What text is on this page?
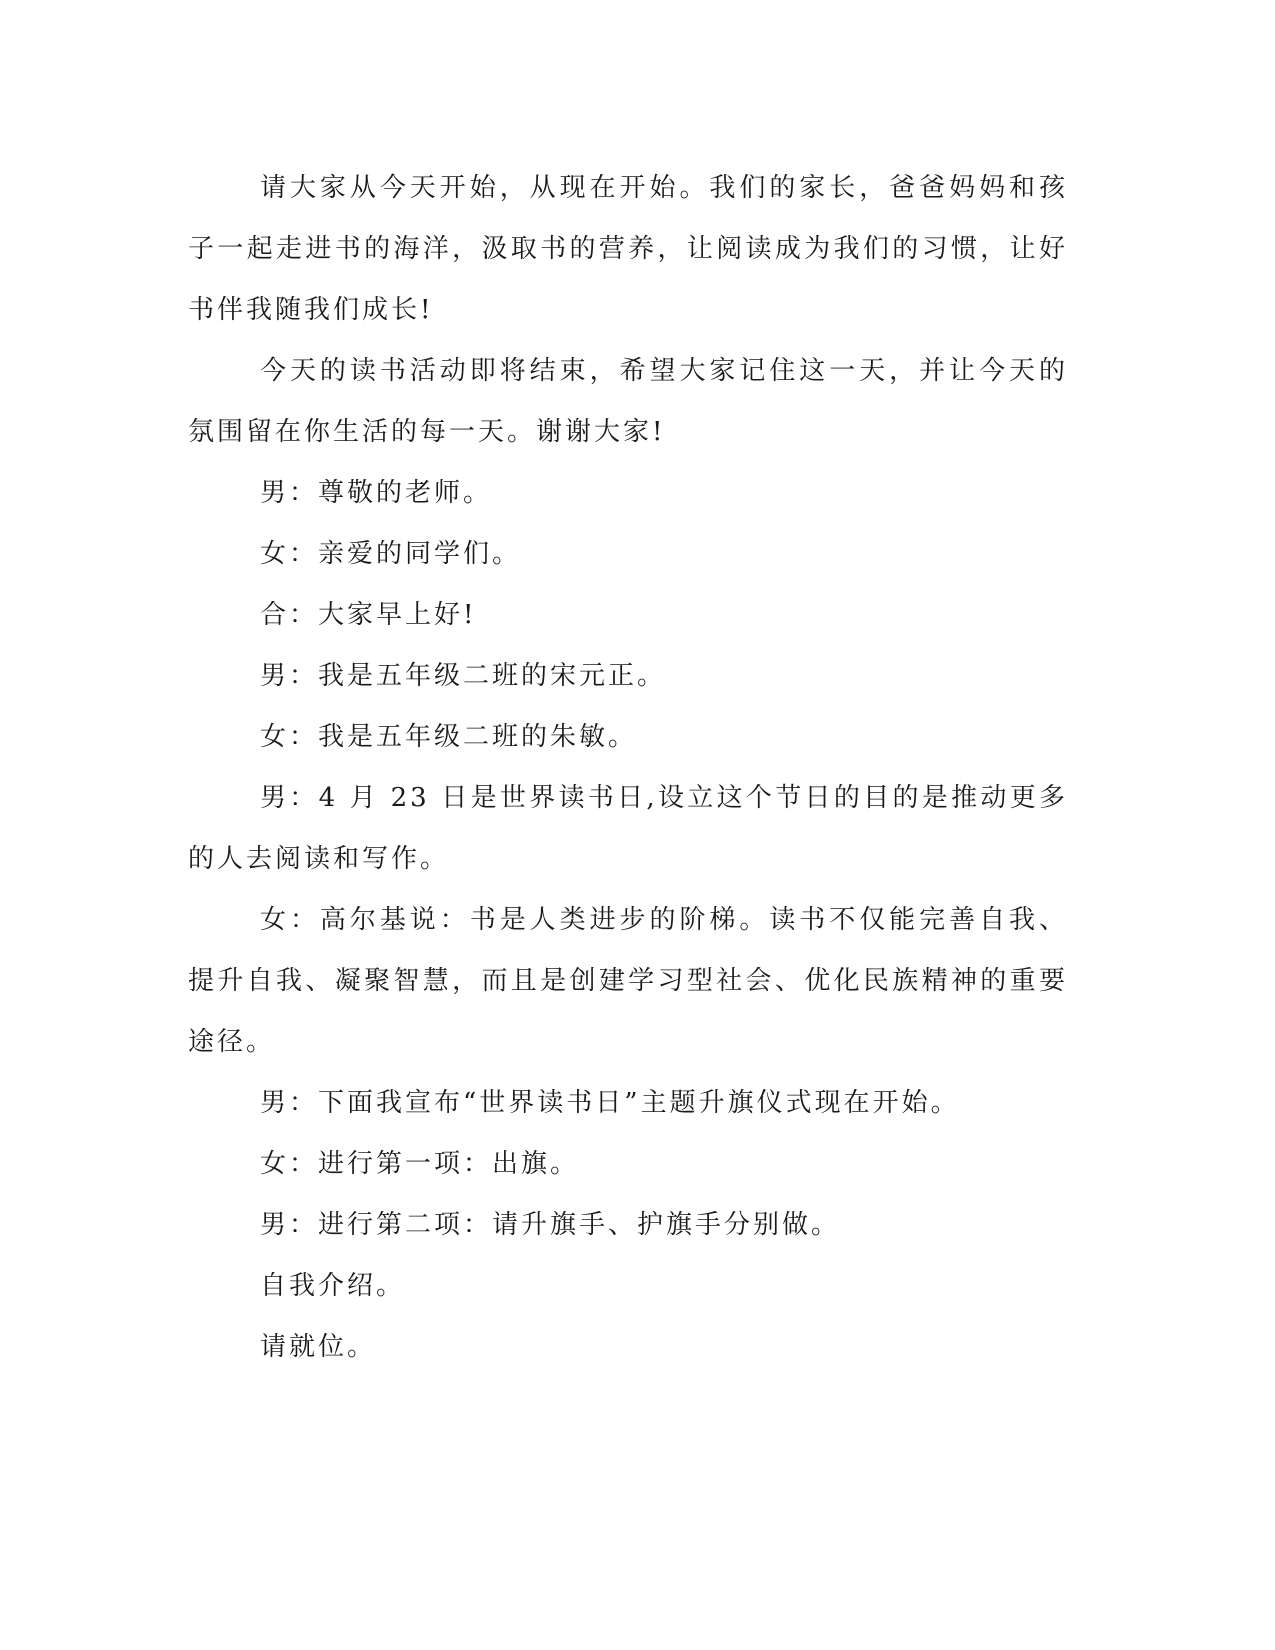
请大家从今天开始，从现在开始。我们的家长，爸爸妈妈和孩子一起走进书的海洋，汲取书的营养，让阅读成为我们的习惯，让好书伴我随我们成长!

今天的读书活动即将结束，希望大家记住这一天，并让今天的氛围留在你生活的每一天。谢谢大家!

男：尊敬的老师。

女：亲爱的同学们。

合：大家早上好!

男：我是五年级二班的宋元正。

女：我是五年级二班的朱敏。

男：4 月 23 日是世界读书日,设立这个节日的目的是推动更多的人去阅读和写作。

女：高尔基说：书是人类进步的阶梯。读书不仅能完善自我、提升自我、凝聚智慧，而且是创建学习型社会、优化民族精神的重要途径。

男：下面我宣布“世界读书日”主题升旗仪式现在开始。

女：进行第一项：出旗。

男：进行第二项：请升旗手、护旗手分别做。

自我介绍。

请就位。
